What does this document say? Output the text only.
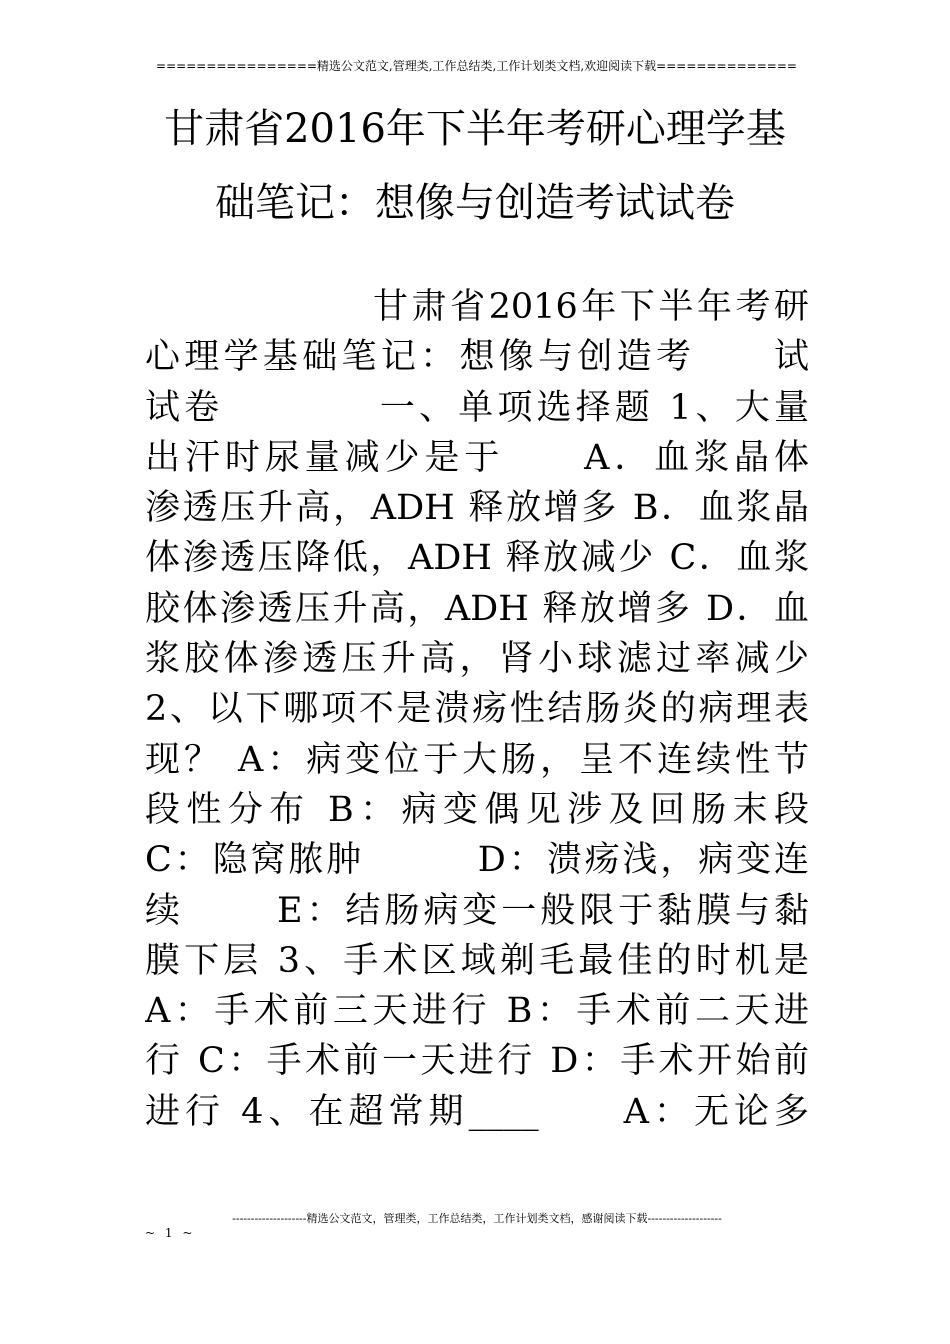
================精选公文范文,管理类,工作总结类,工作计划类文档,欢迎阅读下载==============
甘肃省2016年下半年考研心理学基
础笔记：想像与创造考试试卷
甘肃省2016年下半年考研
心理学基础笔记：想像与创造考　　试
试卷　　　　一、单项选择题 1、大量
出汗时尿量减少是于　　A．血浆晶体
渗透压升高，ADH 释放增多 B．血浆晶
体渗透压降低，ADH 释放减少 C．血浆
胶体渗透压升高，ADH 释放增多 D．血
浆胶体渗透压升高，肾小球滤过率减少
2、以下哪项不是溃疡性结肠炎的病理表
现？ A：病变位于大肠，呈不连续性节
段性分布 B：病变偶见涉及回肠末段
C：隐窝脓肿　　　D：溃疡浅，病变连
续　　 E：结肠病变一般限于黏膜与黏
膜下层 3、手术区域剃毛最佳的时机是
A：手术前三天进行 B：手术前二天进
行 C：手术前一天进行 D：手术开始前
进行 4、在超常期____　　A：无论多
--------------------精选公文范文，管理类，工作总结类，工作计划类文档，感谢阅读下载--------------------
~ 1 ~
